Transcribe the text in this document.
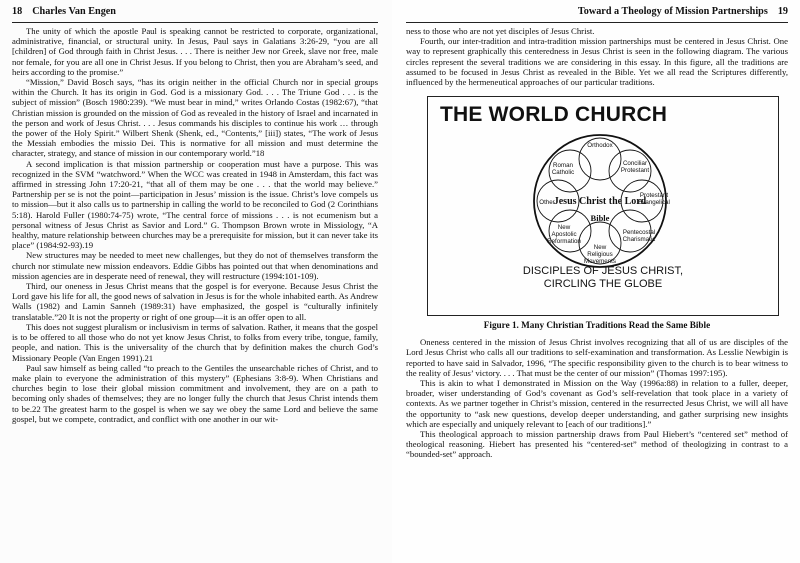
18 Charles Van Engen

The unity of which the apostle Paul is speaking cannot be restricted to corporate, organizational, administrative, financial, or structural unity. In Jesus, Paul says in Galatians 3:26-29, “you are all [children] of God through faith in Christ Jesus. . . . There is neither Jew nor Greek, slave nor free, male nor female, for you are all one in Christ Jesus. If you belong to Christ, then you are Abraham’s seed, and heirs according to the promise.”

“Mission,” David Bosch says, “has its origin neither in the official Church nor in special groups within the Church. It has its origin in God. God is a missionary God. . . . The Triune God . . . is the subject of mission” (Bosch 1980:239). “We must bear in mind,” writes Orlando Costas (1982:67), “that Christian mission is grounded on the mission of God as revealed in the history of Israel and incarnated in the person and work of Jesus Christ. . . . Jesus commands his disciples to continue his work … through the power of the Holy Spirit.” Wilbert Shenk (Shenk, ed., “Contents,” [iii]) states, “The work of Jesus the Messiah embodies the missio Dei. This is normative for all mission and must determine the character, strategy, and stance of mission in our contemporary world.”18

A second implication is that mission partnership or cooperation must have a purpose. This was recognized in the SVM “watchword.” When the WCC was created in 1948 in Amsterdam, this fact was affirmed in stressing John 17:20-21, “that all of them may be one . . . that the world may believe.” Partnership per se is not the point—participation in Jesus’ mission is the issue. Christ’s love compels us to mission—but it also calls us to partnership in calling the world to be reconciled to God (2 Corinthians 5:18). Harold Fuller (1980:74-75) wrote, “The central force of missions . . . is not ecumenism but a personal witness of Jesus Christ as Savior and Lord.” G. Thompson Brown wrote in Missiology, “A healthy, mature relationship between churches may be a prerequisite for mission, but it can never take its place” (1984:92-93).19

New structures may be needed to meet new challenges, but they do not of themselves transform the church nor stimulate new mission endeavors. Eddie Gibbs has pointed out that when denominations and mission agencies are in desperate need of renewal, they will restructure (1994:101-109).

Third, our oneness in Jesus Christ means that the gospel is for everyone. Because Jesus Christ the Lord gave his life for all, the good news of salvation in Jesus is for the whole inhabited earth. As Andrew Walls (1982) and Lamin Sanneh (1989:31) have emphasized, the gospel is “culturally infinitely translatable.”20 It is not the property or right of one group—it is an offer open to all.

This does not suggest pluralism or inclusivism in terms of salvation. Rather, it means that the gospel is to be offered to all those who do not yet know Jesus Christ, to folks from every tribe, tongue, family, people, and nation. This is the universality of the church that by definition makes the church God’s Missionary People (Van Engen 1991).21

Paul saw himself as being called “to preach to the Gentiles the unsearchable riches of Christ, and to make plain to everyone the administration of this mystery” (Ephesians 3:8-9). When Christians and churches begin to lose their global mission commitment and involvement, they are on a path to becoming only shades of themselves; they are no longer fully the church that Jesus Christ intends them to be.22 The greatest harm to the gospel is when we say we obey the same Lord and believe the same gospel, but we compete, contradict, and conflict with one another in our wit-

Toward a Theology of Mission Partnerships 19

ness to those who are not yet disciples of Jesus Christ.

Fourth, our inter-tradition and intra-tradition mission partnerships must be centered in Jesus Christ. One way to represent graphically this centeredness in Jesus Christ is seen in the following diagram. The various circles represent the several traditions we are considering in this essay. In this figure, all the traditions are assumed to be focused in Jesus Christ as revealed in the Bible. Yet we all read the Scriptures differently, influenced by the hermeneutical approaches of our particular traditions.

THE WORLD CHURCH
Orthodox
Conciliar Protestant
Protestant Evangelical
Pentecostal Charismatic
New Religious Movements
New Apostolic Reformation
Other
Roman Catholic
Jesus Christ the Lord
Bible
DISCIPLES OF JESUS CHRIST,
CIRCLING THE GLOBE
Figure 1. Many Christian Traditions Read the Same Bible

Oneness centered in the mission of Jesus Christ involves recognizing that all of us are disciples of the Lord Jesus Christ who calls all our traditions to self-examination and transformation. As Lesslie Newbigin is reported to have said in Salvador, 1996, “The specific responsibility given to the church is to bear witness to the reality of Jesus’ victory. . . . That must be the center of our mission” (Thomas 1997:195).

This is akin to what I demonstrated in Mission on the Way (1996a:88) in relation to a fuller, deeper, broader, wiser understanding of God’s covenant as God’s self-revelation that took place in a variety of contexts. As we partner together in Christ’s mission, centered in the resurrected Jesus Christ, we will all have the opportunity to “ask new questions, develop deeper understanding, and gather surprising new insights which are especially and uniquely relevant to [each of our traditions].”

This theological approach to mission partnership draws from Paul Hiebert’s “centered set” method of theological reasoning. Hiebert has presented his “centered-set” method of theologizing in contrast to a “bounded-set” approach.
